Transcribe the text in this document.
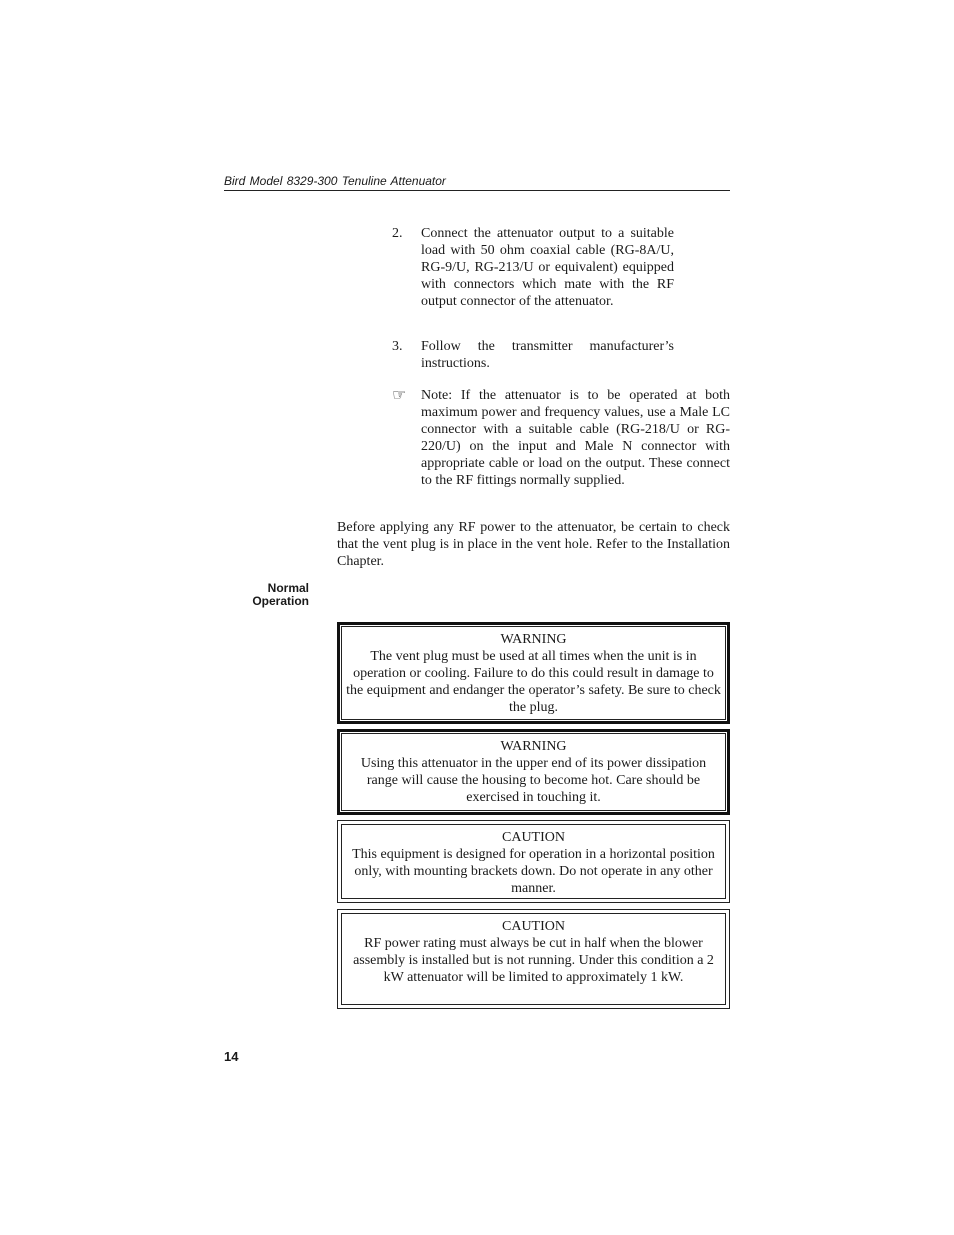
Bird Model 8329-300 Tenuline Attenuator
2.	Connect the attenuator output to a suitable load with 50 ohm coaxial cable (RG-8A/U, RG-9/U, RG-213/U or equivalent) equipped with connectors which mate with the RF output connector of the attenuator.
3.	Follow the transmitter manufacturer’s instructions.
☞ Note: If the attenuator is to be operated at both maximum power and frequency values, use a Male LC connector with a suitable cable (RG-218/U or RG-220/U) on the input and Male N connector with appropriate cable or load on the output. These connect to the RF fittings normally supplied.
Before applying any RF power to the attenuator, be certain to check that the vent plug is in place in the vent hole. Refer to the Installation Chapter.
Normal
Operation
WARNING
The vent plug must be used at all times when the unit is in operation or cooling. Failure to do this could result in damage to the equipment and endanger the operator’s safety. Be sure to check the plug.
WARNING
Using this attenuator in the upper end of its power dissipation range will cause the housing to become hot. Care should be exercised in touching it.
CAUTION
This equipment is designed for operation in a horizontal position only, with mounting brackets down. Do not operate in any other manner.
CAUTION
RF power rating must always be cut in half when the blower assembly is installed but is not running. Under this condition a 2 kW attenuator will be limited to approximately 1 kW.
14
